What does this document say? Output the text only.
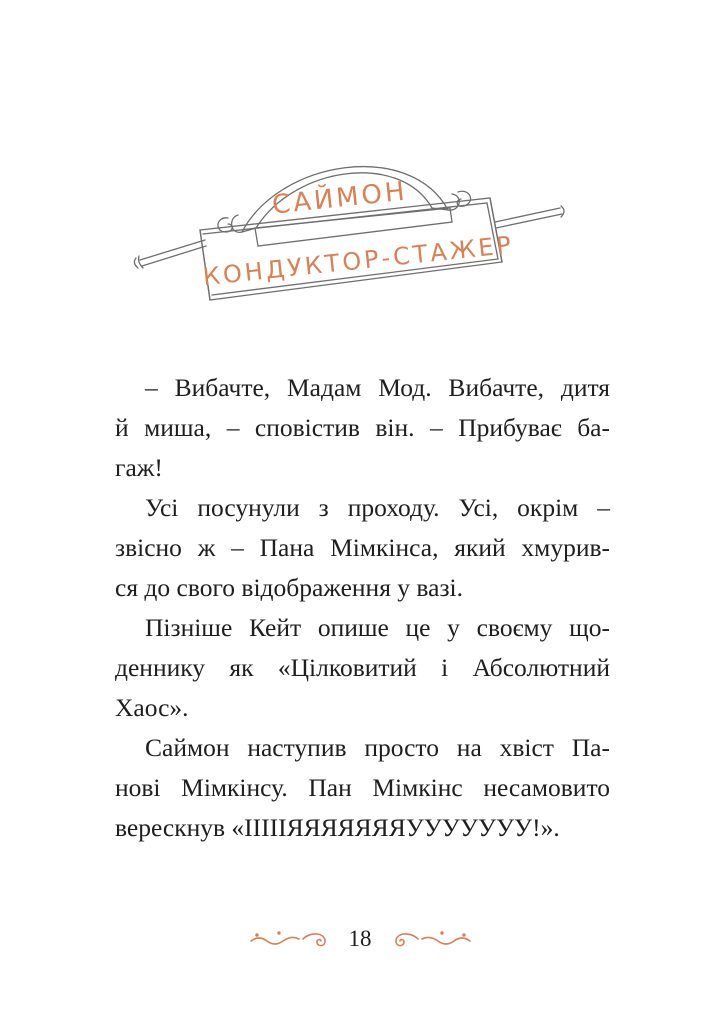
САЙМОН
КОНДУКТОР-СТАЖЕР

– Вибачте, Мадам Мод. Вибачте, дитя
й миша, – сповістив він. – Прибуває ба-
гаж!

Усі посунули з проходу. Усі, окрім –
звісно ж – Пана Мімкінса, який хмурив-
ся до свого відображення у вазі.

Пізніше Кейт опише це у своєму що-
деннику як «Цілковитий і Абсолютний
Хаос».

Саймон наступив просто на хвіст Па-
нові Мімкінсу. Пан Мімкінс несамовито
верескнув «ІІІІІЯЯЯЯЯЯЯУУУУУУУ!».

18
